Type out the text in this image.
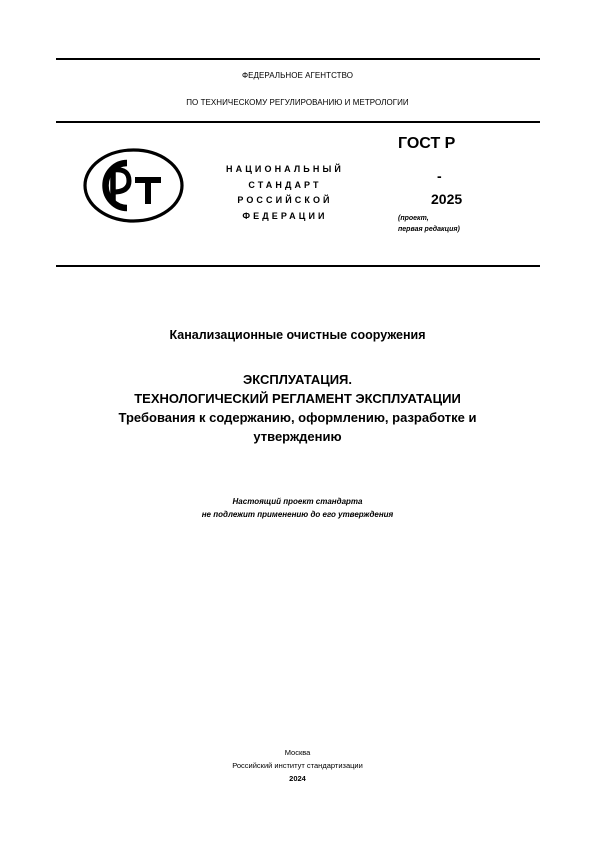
ФЕДЕРАЛЬНОЕ АГЕНТСТВО
ПО ТЕХНИЧЕСКОМУ РЕГУЛИРОВАНИЮ И МЕТРОЛОГИИ
НАЦИОНАЛЬНЫЙ
СТАНДАРТ
РОССИЙСКОЙ
ФЕДЕРАЦИИ
ГОСТ Р
-
2025
(проект,
первая редакция)
Канализационные очистные сооружения
ЭКСПЛУАТАЦИЯ.
ТЕХНОЛОГИЧЕСКИЙ РЕГЛАМЕНТ ЭКСПЛУАТАЦИИ
Требования к содержанию, оформлению, разработке и
утверждению
Настоящий проект стандарта
не подлежит применению до его утверждения
Москва
Российский институт стандартизации
2024
